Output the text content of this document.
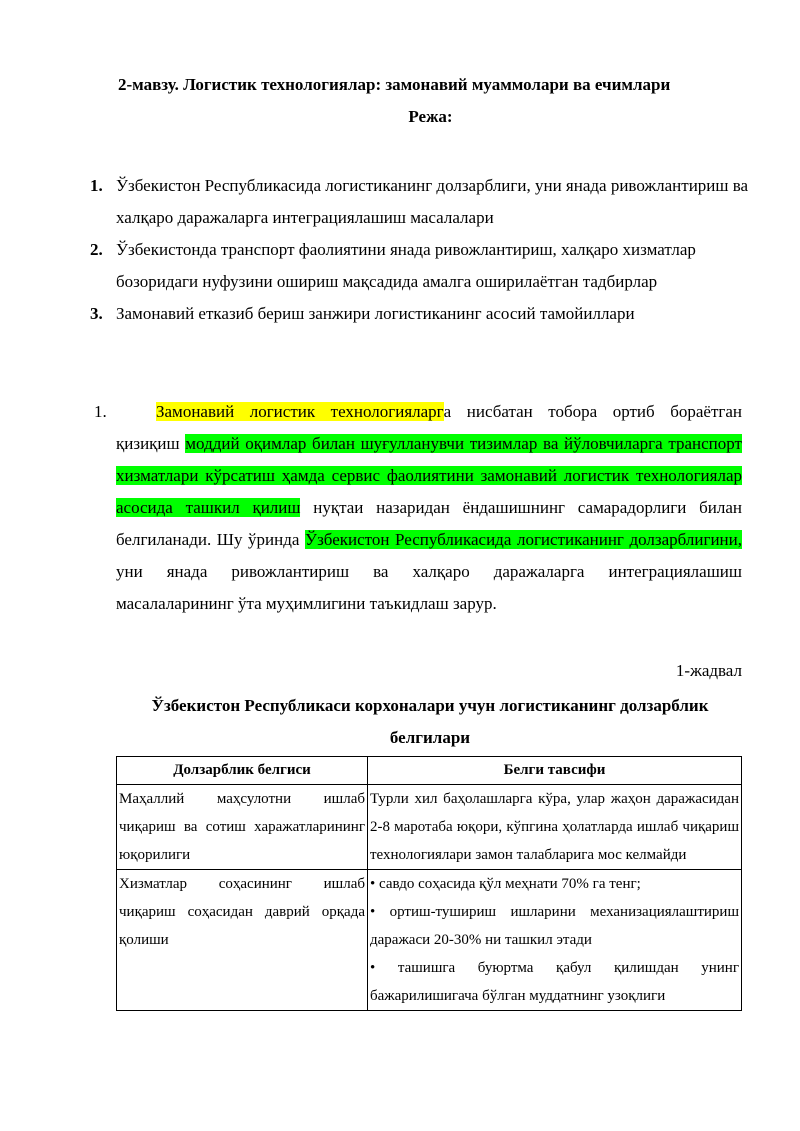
2-мавзу. Логистик технологиялар: замонавий муаммолари ва ечимлари
Режа:
1. Ўзбекистон Республикасида логистиканинг долзарблиги, уни янада ривожлантириш ва халқаро даражаларга интеграциялашиш масалалари
2. Ўзбекистонда транспорт фаолиятини янада ривожлантириш, халқаро хизматлар бозоридаги нуфузини ошириш мақсадида амалга оширилаётган тадбирлар
3. Замонавий етказиб бериш занжири логистиканинг асосий тамойиллари
1.	Замонавий логистик технологияларга нисбатан тобора ортиб бораётган қизиқиш моддий оқимлар билан шуғулланувчи тизимлар ва йўловчиларга транспорт хизматлари кўрсатиш ҳамда сервис фаолиятини замонавий логистик технологиялар асосида ташкил қилиш нуқтаи назаридан ёндашишнинг самарадорлиги билан белгиланади. Шу ўринда Ўзбекистон Республикасида логистиканинг долзарблигини, уни янада ривожлантириш ва халқаро даражаларга интеграциялашиш масалаларининг ўта муҳимлигини таъкидлаш зарур.
1-жадвал
Ўзбекистон Республикаси корхоналари учун логистиканинг долзарблик белгилари
Долзарблик белгиси	Белги тавсифи
Маҳаллий маҳсулотни ишлаб чиқариш ва сотиш харажатларининг юқорилиги	Турли хил баҳолашларга кўра, улар жаҳон даражасидан 2-8 маротаба юқори, кўпгина ҳолатларда ишлаб чиқариш технологиялари замон талабларига мос келмайди

Хизматлар соҳасининг ишлаб чиқариш соҳасидан даврий орқада қолиши	• савдо соҳасида қўл меҳнати 70% га тенг;
• ортиш-тушириш ишларини механизациялаштириш даражаси 20-30% ни ташкил этади
• ташишга буюртма қабул қилишдан унинг бажарилишигача бўлган муддатнинг узоқлиги
